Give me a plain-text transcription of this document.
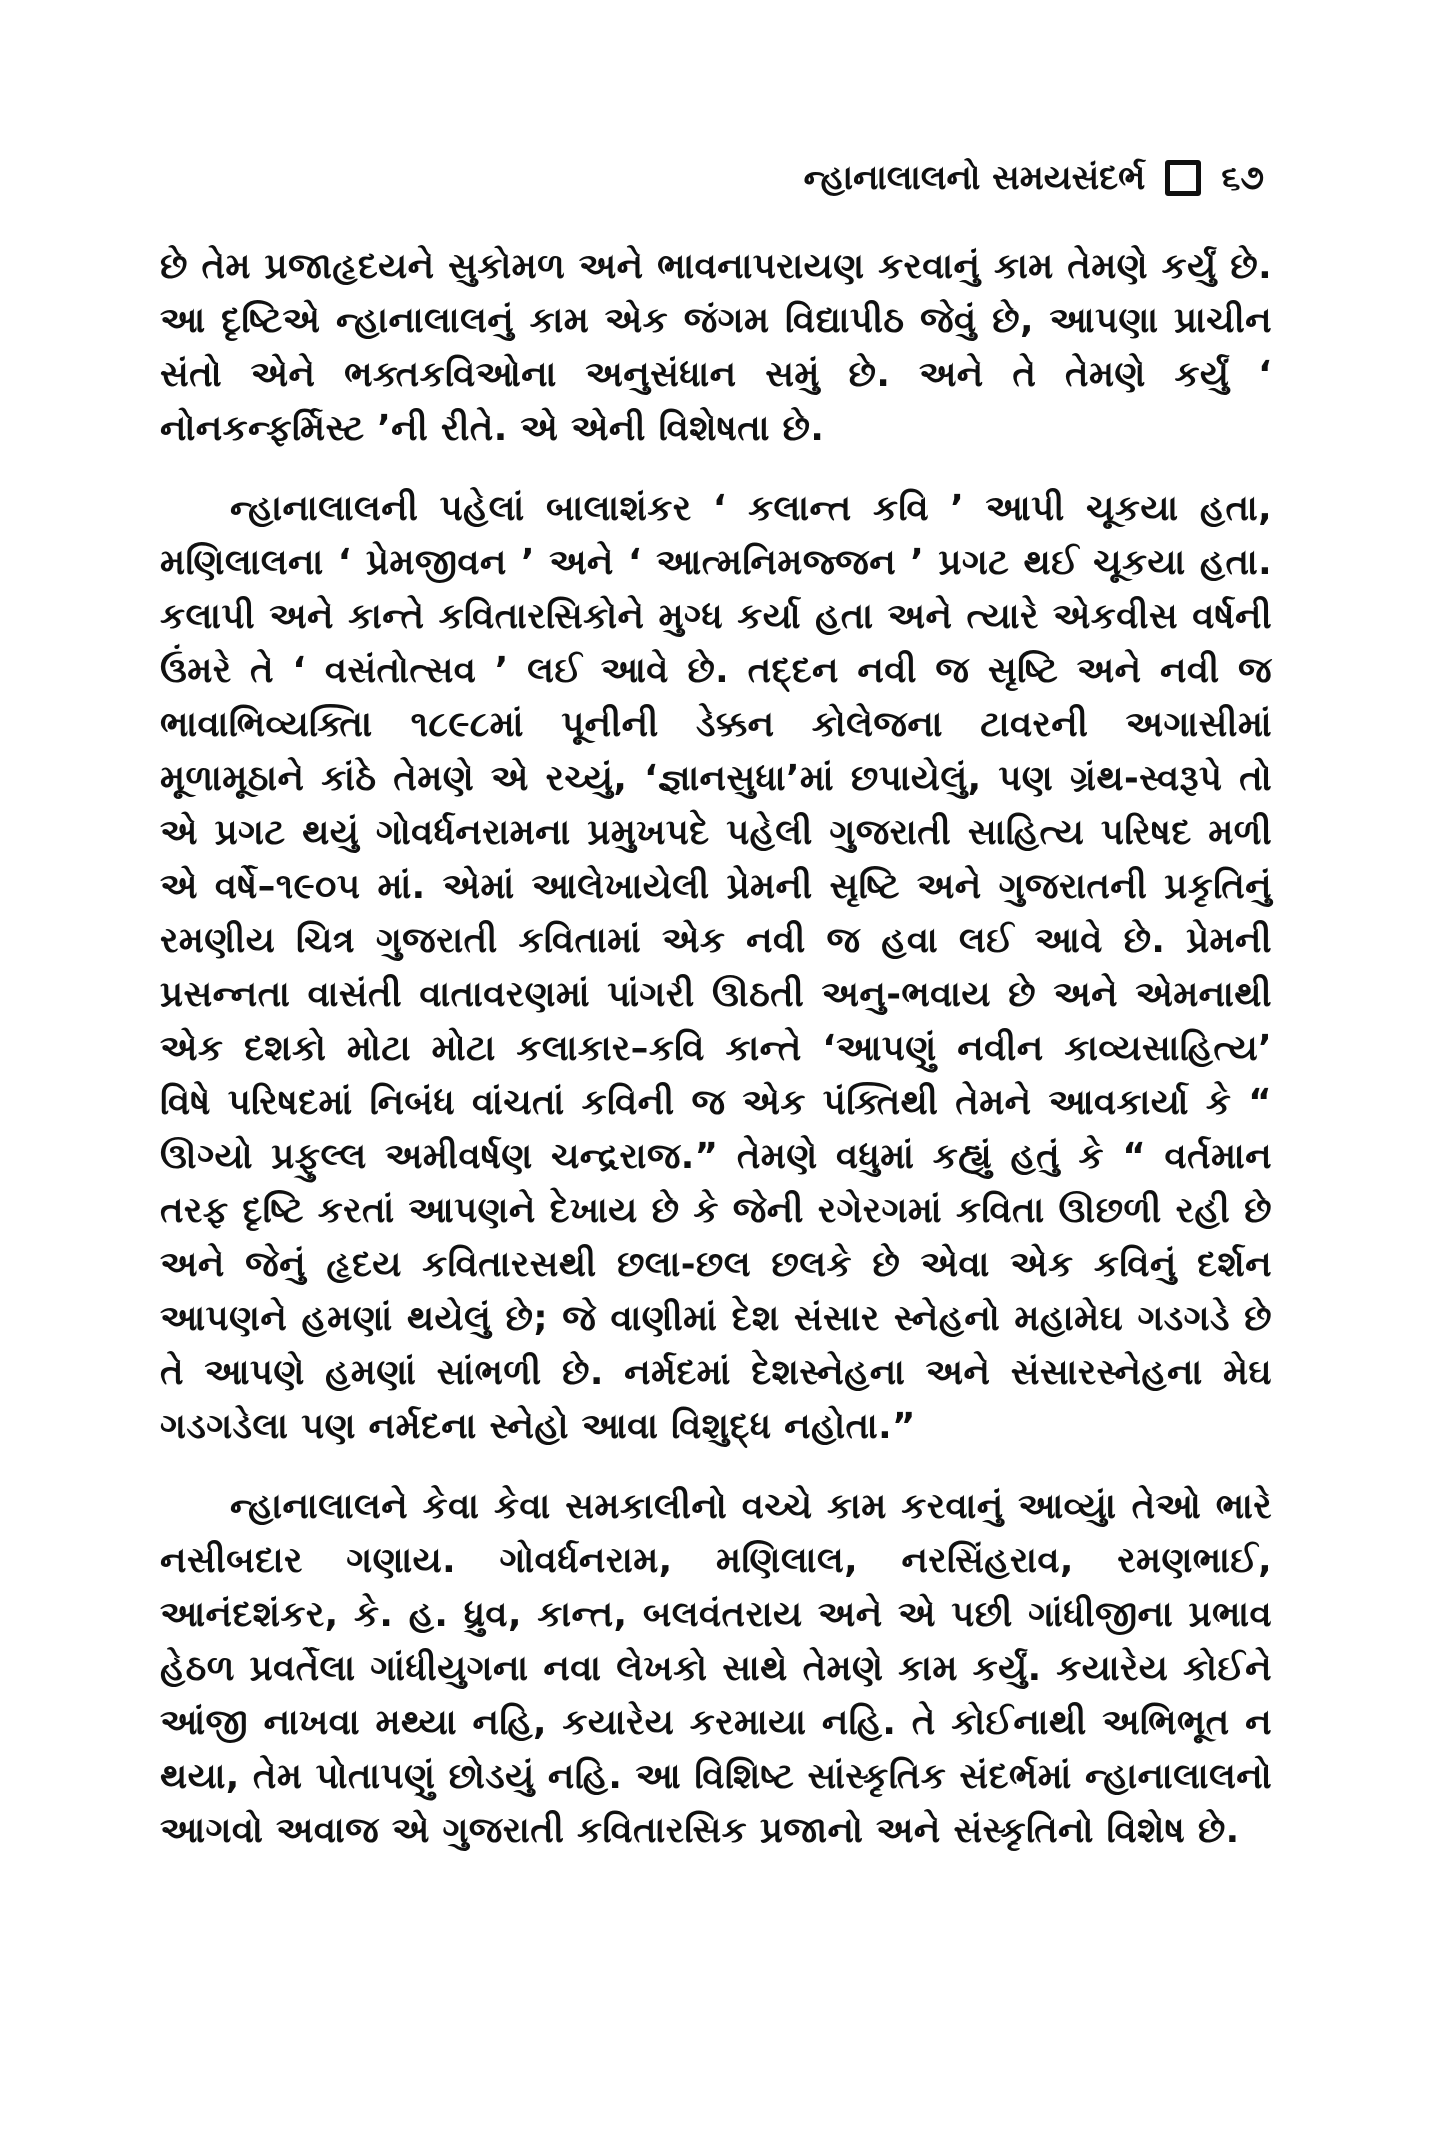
ન્હાનાલાલનો સમયસંદર્ભ ૬૭

છે તેમ પ્રજાહૃદયને સુકોમળ અને ભાવનાપરાયણ કરવાનું કામ તેમણે કર્યું છે. આ દૃષ્ટિએ ન્હાનાલાલનું કામ એક જંગમ વિદ્યાપીઠ જેવું છે, આપણા પ્રાચીન સંતો એને ભક્તકવિઓના અનુસંધાન સમું છે. અને તે તેમણે કર્યું ‘ નોનકન્ફર્મિસ્ટ ’ની રીતે. એ એની વિશેષતા છે.

ન્હાનાલાલની પહેલાં બાલાશંકર ‘ કલાન્ત કવિ ’ આપી ચૂકયા હતા, મણિલાલના ‘ પ્રેમજીવન ’ અને ‘ આત્મનિમજ્જન ’ પ્રગટ થઈ ચૂકયા હતા. કલાપી અને કાન્તે કવિતારસિકોને મુગ્ધ કર્યા હતા અને ત્યારે એકવીસ વર્ષની ઉંમરે તે ‘ વસંતોત્સવ ’ લઈ આવે છે. તદ્દન નવી જ સૃષ્ટિ અને નવી જ ભાવાભિવ્યક્તિ। ૧૮૯૮માં પૂનીની ડેક્કન કોલેજના ટાવરની અગાસીમાં મૂળામૂઠાને કાંઠે તેમણે એ રચ્યું, ‘જ્ઞાનસુધા’માં છપાયેલું, પણ ગ્રંથ-સ્વરૂપે તો એ પ્રગટ થયું ગોવર્ધનરામના પ્રમુખપદે પહેલી ગુજરાતી સાહિત્ય પરિષદ મળી એ વર્ષે–૧૯૦૫ માં. એમાં આલેખાયેલી પ્રેમની સૃષ્ટિ અને ગુજરાતની પ્રકૃતિનું રમણીય ચિત્ર ગુજરાતી કવિતામાં એક નવી જ હવા લઈ આવે છે. પ્રેમની પ્રસન્નતા વાસંતી વાતાવરણમાં પાંગરી ઊઠતી અનુ-ભવાય છે અને એમનાથી એક દશકો મોટા મોટા કલાકાર–કવિ કાન્તે ‘આપણું નવીન કાવ્યસાહિત્ય’ વિષે પરિષદમાં નિબંધ વાંચતાં કવિની જ એક પંક્તિથી તેમને આવકાર્યા કે “ ઊગ્યો પ્રફુલ્લ અમીવર્ષણ ચન્દ્રરાજ.” તેમણે વધુમાં કહ્યું હતું કે “ વર્તમાન તરફ દૃષ્ટિ કરતાં આપણને દેખાય છે કે જેની રગેરગમાં કવિતા ઊછળી રહી છે અને જેનું હૃદય કવિતારસથી છલા-છલ છલકે છે એવા એક કવિનું દર્શન આપણને હમણાં થયેલું છે; જે વાણીમાં દેશ સંસાર સ્નેહનો મહામેઘ ગડગડે છે તે આપણે હમણાં સાંભળી છે. નર્મદમાં દેશસ્નેહના અને સંસારસ્નેહના મેઘ ગડગડેલા પણ નર્મદના સ્નેહો આવા વિશુદ્ધ નહોતા.”

ન્હાનાલાલને કેવા કેવા સમકાલીનો વચ્ચે કામ કરવાનું આવ્યું। તેઓ ભારે નસીબદાર ગણાય. ગોવર્ધનરામ, મણિલાલ, નરસિંહરાવ, રમણભાઈ, આનંદશંકર, કે. હ. ધ્રુવ, કાન્ત, બલવંતરાય અને એ પછી ગાંધીજીના પ્રભાવ હેઠળ પ્રવર્તેલા ગાંધીયુગના નવા લેખકો સાથે તેમણે કામ કર્યું. કયારેય કોઈને આંજી નાખવા મથ્યા નહિ, કયારેય કરમાયા નહિ. તે કોઈનાથી અભિભૂત ન થયા, તેમ પોતાપણું છોડયું નહિ. આ વિશિષ્ટ સાંસ્કૃતિક સંદર્ભમાં ન્હાનાલાલનો આગવો અવાજ એ ગુજરાતી કવિતારસિક પ્રજાનો અને સંસ્કૃતિનો વિશેષ છે.
